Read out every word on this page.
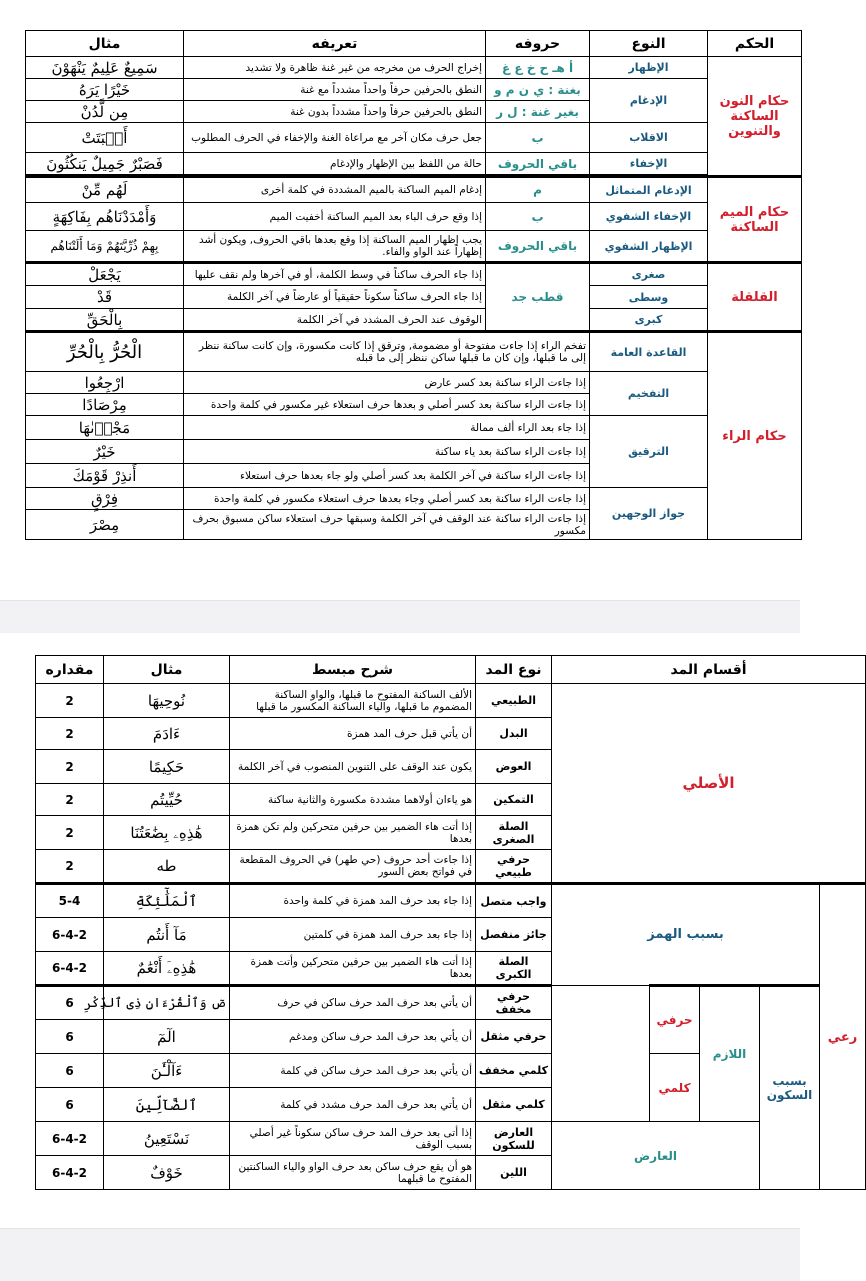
الحكم	النوع	حروفه	تعريفه	مثال
حكام النون الساكنة والتنوين	الإظهار	أ هـ ح خ ع غ	إخراج الحرف من مخرجه من غير غنة ظاهرة ولا تشديد	سَمِيعٌ عَلِيمٌ يَنْهَوْنَ
	الإدغام	بغنة : ي ن م و	النطق بالحرفين حرفاً واحداً مشدداً مع غنة	خَيْرًا يَرَهُ
		بغير غنة : ل ر	النطق بالحرفين حرفاً واحداً مشدداً بدون غنة	مِن لَّدُنْ
	الاقلاب	ب	جعل حرف مكان آخر مع مراعاة الغنة والإخفاء في الحرف المطلوب	أَنۢبَتَتْ
	الإخفاء	باقي الحروف	حالة من اللفظ بين الإظهار والإدغام	فَصَبْرٌ جَمِيلٌ يَنكُثُونَ

حكام الميم الساكنة	الإدغام المتماثل	م	إدغام الميم الساكنة بالميم المشددة في كلمة أخرى	لَهُم مِّنْ
	الإخفاء الشفوي	ب	إذا وقع حرف الباء بعد الميم الساكنة أخفيت الميم	وَأَمْدَدْنَاهُم بِفَاكِهَةٍ
	الإظهار الشفوي	باقي الحروف	يجب إظهار الميم الساكنة إذا وقع بعدها باقي الحروف, ويكون أشد إظهاراً عند الواو والفاء.	بِهِمْ ذُرِّيَّتَهُمْ وَمَا أَلَتْنَاهُم
القلقلة	صغرى	قطب جد	إذا جاء الحرف ساكناً في وسط الكلمة، أو في آخرها ولم نقف عليها	يَجْعَلْ
	وسطى		إذا جاء الحرف ساكناً سكوناً حقيقياً أو عارضاً في آخر الكلمة	قَدْ
	كبرى		الوقوف عند الحرف المشدد في آخر الكلمة	بِالْحَقِّ
حكام الراء	القاعدة العامة	تفخم الراء إذا جاءت مفتوحة أو مضمومة, وترقق إذا كانت مكسورة، وإن كانت ساكنة ننظر إلى ما قبلها، وإن كان ما قبلها ساكن ننظر إلى ما قبله		الْحُرُّ بِالْحُرِّ
	التفخيم	إذا جاءت الراء ساكنة بعد كسر عارض		ارْجِعُوا
		إذا جاءت الراء ساكنة بعد كسر أصلي و بعدها حرف استعلاء غير مكسور في كلمة واحدة		مِرْصَادًا
	الترقيق	إذا جاء بعد الراء ألف ممالة		مَجْرٜىٰهَا
		إذا جاءت الراء ساكنة بعد ياء ساكنة		خَيْرٌ
		إذا جاءت الراء ساكنة في آخر الكلمة بعد كسر أصلي ولو جاء بعدها حرف استعلاء		أَنذِرْ قَوْمَكَ
	جواز الوجهين	إذا جاءت الراء ساكنة بعد كسر أصلي وجاء بعدها حرف استعلاء مكسور في كلمة واحدة		فِرْقٍ
		إذا جاءت الراء ساكنة عند الوقف في آخر الكلمة وسبقها حرف استعلاء ساكن مسبوق بحرف مكسور		مِصْرَ
أقسام المد					نوع المد	شرح مبسط	مثال	مقداره
الأصلي					الطبيعي	الألف الساكنة المفتوح ما قبلها، والواو الساكنة المضموم ما قبلها، والياء الساكنة المكسور ما قبلها	نُوحِيهَا	2
					البدل	أن يأتي قبل حرف المد همزة	ءَادَمَ	2
					العوض	يكون عند الوقف على التنوين المنصوب في آخر الكلمة	حَكِيمًا	2
					التمكين	هو ياءان أولاهما مشددة مكسورة والثانية ساكنة	حُيِّيتُم	2
					الصلة الصغرى	إذا أتت هاء الضمير بين حرفين متحركين ولم تكن همزة بعدها	هَٰذِهِۦ بِضَٰعَتُنَا	2
					حرفي طبيعي	إذا جاءت أحد حروف (حي طهر) في الحروف المقطعة في فواتح بعض السور	طه	2
رعي	بسبب الهمز				واجب متصل	إذا جاء بعد حرف المد همزة في كلمة واحدة	ٱلْمَلَٰٓئِكَةِ	5-4
					جائز منفصل	إذا جاء بعد حرف المد همزة في كلمتين	مَآ أَنتُم	6-4-2
					الصلة الكبرى	إذا أتت هاء الضمير بين حرفين متحركين وأتت همزة بعدها	هَٰذِهِۦٓ أَنْعَٰمٌ	6-4-2
	بسبب السكون	اللازم	حرفي		حرفي مخفف	أن يأتي بعد حرف المد حرف ساكن في حرف	صٓ وَٱلْقُرْءَانِ ذِى ٱلذِّكْرِ	6
					حرفي مثقل	أن يأتي بعد حرف المد حرف ساكن ومدغم	الٓمٓ	6
			كلمي		كلمي مخفف	أن يأتي بعد حرف المد حرف ساكن في كلمة	ءَآلْـَٰٔنَ	6
					كلمي مثقل	أن يأتي بعد حرف المد حرف مشدد في كلمة	ٱلضَّآلِّينَ	6
		العارض			العارض للسكون	إذا أتى بعد حرف المد حرف ساكن سكوناً غير أصلي بسبب الوقف	نَسْتَعِينُ	6-4-2
					اللين	هو أن يقع حرف ساكن بعد حرف الواو والياء الساكنتين المفتوح ما قبلهما	خَوْفٌ	6-4-2
